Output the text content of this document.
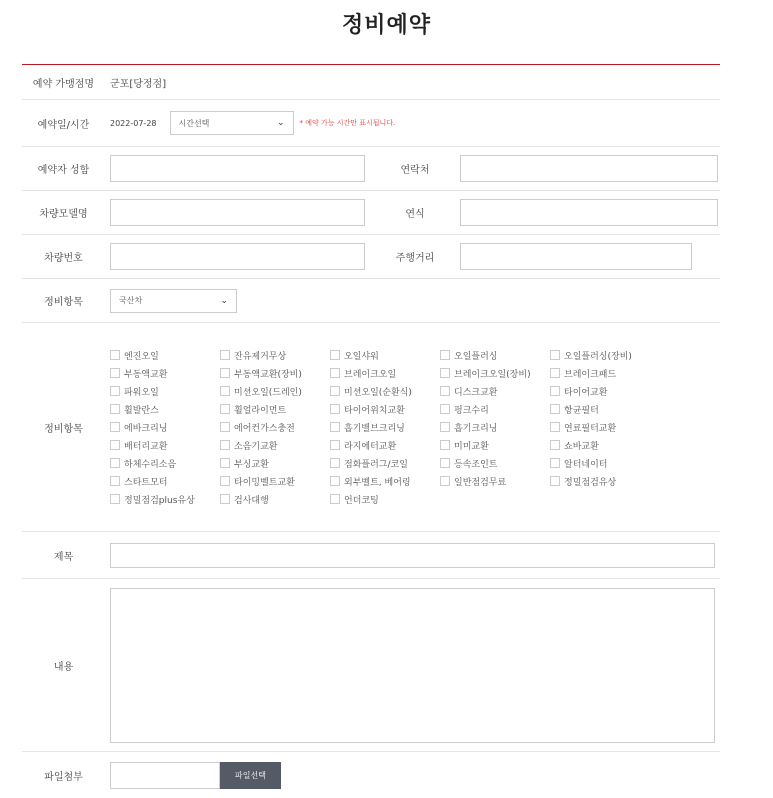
정비예약
예약 가맹점명	군포[당정점]
예약일/시간	2022-07-28	시간선택	⌄ * 예약 가능 시간만 표시됩니다.
예약자 성함	연락처
차량모델명	연식
차량번호	주행거리
정비항목	국산차	⌄
정비항목
엔진오일	잔유제거무상	오일샤워	오일플러싱	오일플러싱(장비)
부동액교환	부동액교환(장비)	브레이크오일	브레이크오일(장비)	브레이크패드
파워오일	미션오일(드레인)	미션오일(순환식)	디스크교환	타이어교환
휠발란스	휠얼라이먼트	타이어위치교환	펑크수리	항균필터
에바크리닝	에어컨가스충전	흡기밸브크리닝	흡기크리닝	연료필터교환
배터리교환	소음기교환	라지에터교환	미미교환	쇼바교환
하체수리소음	부싱교환	점화플러그/코일	등속조인트	알터네이터
스타트모터	타이밍벨트교환	외부벨트, 베어링	일반점검무료	정밀점검유상
정밀점검plus유상	검사대행	언더코팅
제목
내용
파일첨부	파일선택
